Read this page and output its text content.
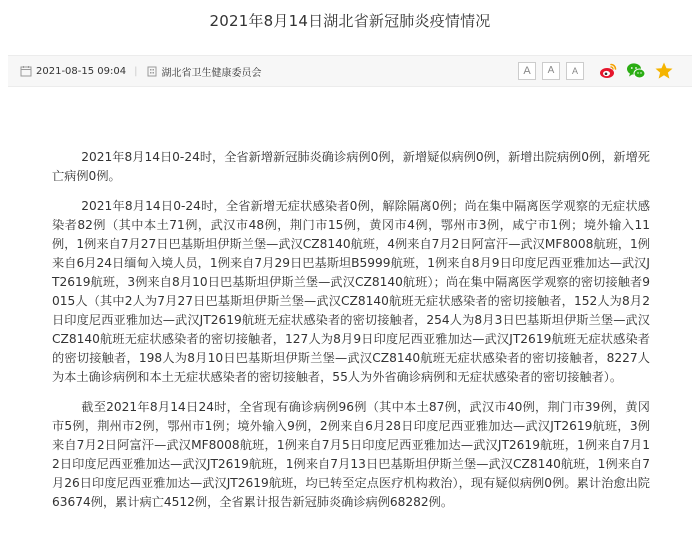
2021年8月14日湖北省新冠肺炎疫情情况
2021-08-15 09:04 | 湖北省卫生健康委员会	A	A	A

2021年8月14日0-24时，全省新增新冠肺炎确诊病例0例，新增疑似病例0例，新增出院病例0例，新增死亡病例0例。

2021年8月14日0-24时，全省新增无症状感染者0例，解除隔离0例；尚在集中隔离医学观察的无症状感染者82例（其中本土71例，武汉市48例，荆门市15例，黄冈市4例，鄂州市3例，咸宁市1例；境外输入11例，1例来自7月27日巴基斯坦伊斯兰堡—武汉CZ8140航班，4例来自7月2日阿富汗—武汉MF8008航班，1例来自6月24日缅甸入境人员，1例来自7月29日巴基斯坦B5999航班，1例来自8月9日印度尼西亚雅加达—武汉JT2619航班，3例来自8月10日巴基斯坦伊斯兰堡—武汉CZ8140航班）；尚在集中隔离医学观察的密切接触者9015人（其中2人为7月27日巴基斯坦伊斯兰堡—武汉CZ8140航班无症状感染者的密切接触者，152人为8月2日印度尼西亚雅加达—武汉JT2619航班无症状感染者的密切接触者，254人为8月3日巴基斯坦伊斯兰堡—武汉CZ8140航班无症状感染者的密切接触者，127人为8月9日印度尼西亚雅加达—武汉JT2619航班无症状感染者的密切接触者，198人为8月10日巴基斯坦伊斯兰堡—武汉CZ8140航班无症状感染者的密切接触者，8227人为本土确诊病例和本土无症状感染者的密切接触者，55人为外省确诊病例和无症状感染者的密切接触者）。

截至2021年8月14日24时，全省现有确诊病例96例（其中本土87例，武汉市40例，荆门市39例，黄冈市5例，荆州市2例，鄂州市1例；境外输入9例，2例来自6月28日印度尼西亚雅加达—武汉JT2619航班，3例来自7月2日阿富汗—武汉MF8008航班，1例来自7月5日印度尼西亚雅加达—武汉JT2619航班，1例来自7月12日印度尼西亚雅加达—武汉JT2619航班，1例来自7月13日巴基斯坦伊斯兰堡—武汉CZ8140航班，1例来自7月26日印度尼西亚雅加达—武汉JT2619航班，均已转至定点医疗机构救治），现有疑似病例0例。累计治愈出院63674例，累计病亡4512例，全省累计报告新冠肺炎确诊病例68282例。
